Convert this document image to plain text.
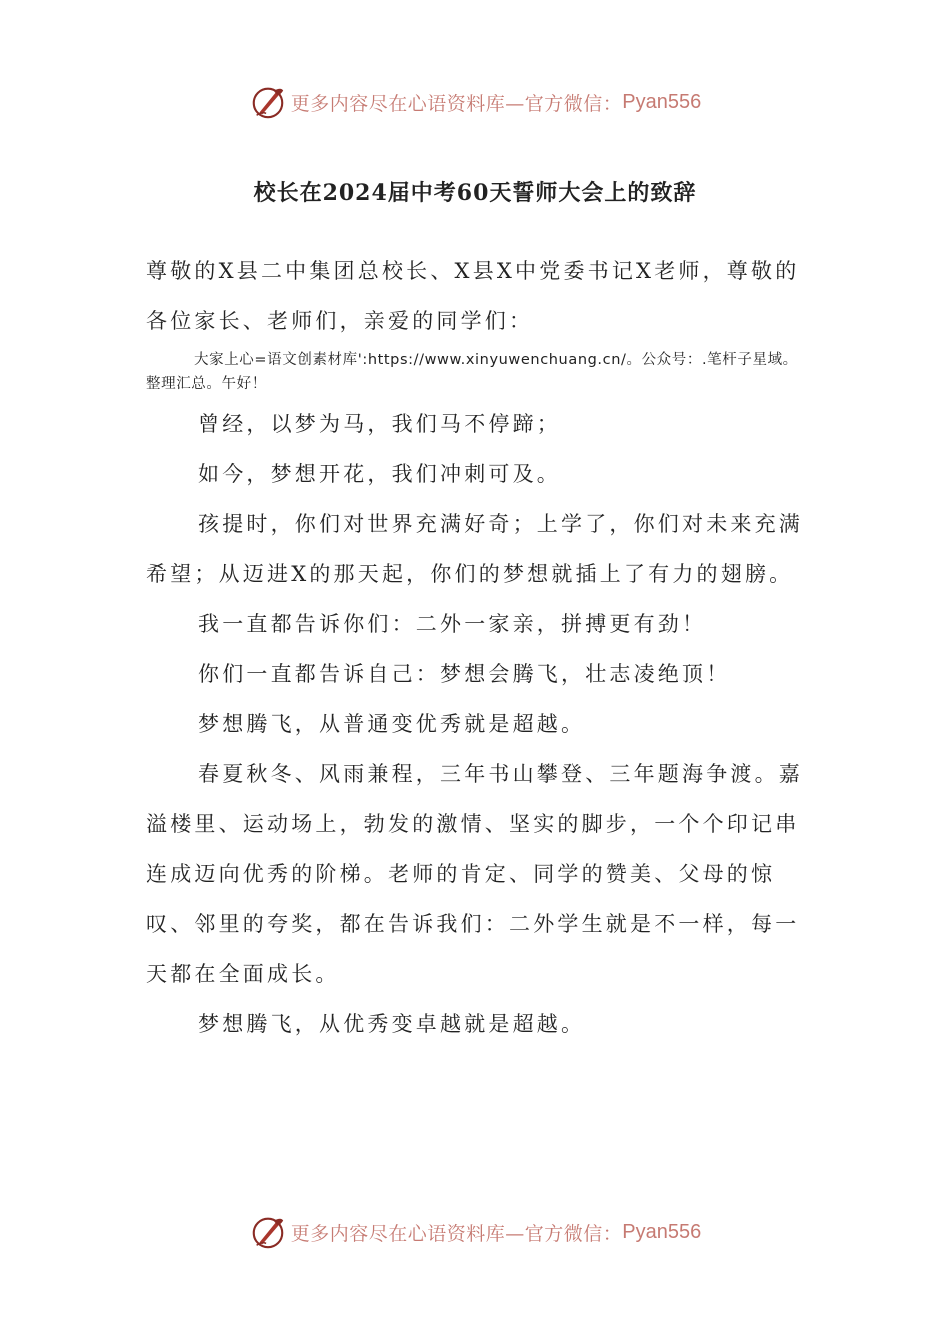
更多内容尽在心语资料库—官方微信： Pyan556
校长在2024届中考60天誓师大会上的致辞

尊敬的X县二中集团总校长、X县X中党委书记X老师，尊敬的各位家长、老师们，亲爱的同学们：

大家上心=语文创素材库':https://www.xinyuwenchuang.cn/。公众号：.笔杆子星域。整理汇总。午好！

曾经，以梦为马，我们马不停蹄；

如今，梦想开花，我们冲刺可及。

孩提时，你们对世界充满好奇；上学了，你们对未来充满希望；从迈进X的那天起，你们的梦想就插上了有力的翅膀。

我一直都告诉你们：二外一家亲，拼搏更有劲！

你们一直都告诉自己：梦想会腾飞，壮志凌绝顶！

梦想腾飞，从普通变优秀就是超越。

春夏秋冬、风雨兼程，三年书山攀登、三年题海争渡。嘉溢楼里、运动场上，勃发的激情、坚实的脚步，一个个印记串连成迈向优秀的阶梯。老师的肯定、同学的赞美、父母的惊叹、邻里的夸奖，都在告诉我们：二外学生就是不一样，每一天都在全面成长。

梦想腾飞，从优秀变卓越就是超越。

更多内容尽在心语资料库—官方微信： Pyan556
